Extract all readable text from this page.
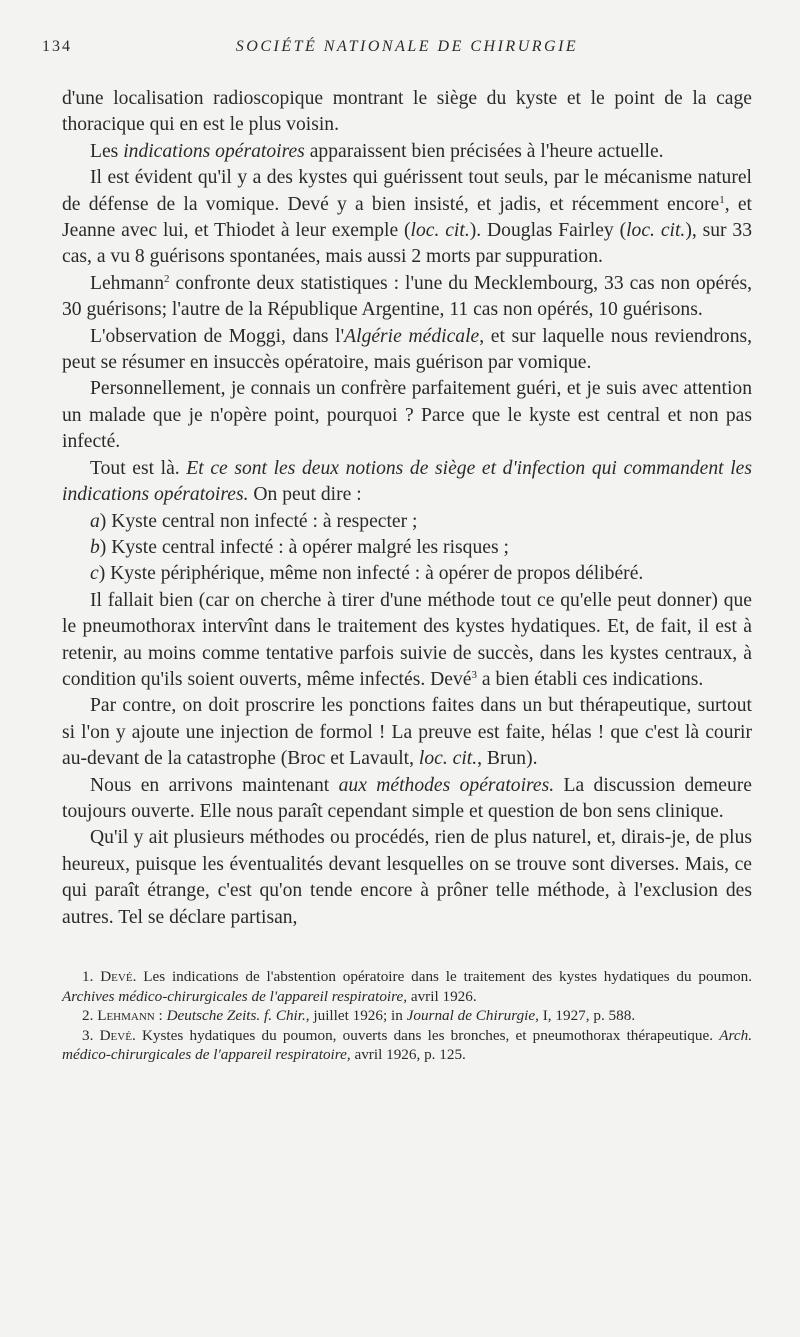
134	SOCIÉTÉ NATIONALE DE CHIRURGIE

d'une localisation radioscopique montrant le siège du kyste et le point de la cage thoracique qui en est le plus voisin.

Les indications opératoires apparaissent bien précisées à l'heure actuelle.

Il est évident qu'il y a des kystes qui guérissent tout seuls, par le mécanisme naturel de défense de la vomique. Devé y a bien insisté, et jadis, et récemment encore$^1$, et Jeanne avec lui, et Thiodet à leur exemple (loc. cit.). Douglas Fairley (loc. cit.), sur 33 cas, a vu 8 guérisons spontanées, mais aussi 2 morts par suppuration.

Lehmann$^2$ confronte deux statistiques : l'une du Mecklembourg, 33 cas non opérés, 30 guérisons; l'autre de la République Argentine, 11 cas non opérés, 10 guérisons.

L'observation de Moggi, dans l'Algérie médicale, et sur laquelle nous reviendrons, peut se résumer en insuccès opératoire, mais guérison par vomique.

Personnellement, je connais un confrère parfaitement guéri, et je suis avec attention un malade que je n'opère point, pourquoi ? Parce que le kyste est central et non pas infecté.

Tout est là. Et ce sont les deux notions de siège et d'infection qui commandent les indications opératoires. On peut dire :

a) Kyste central non infecté : à respecter ;

b) Kyste central infecté : à opérer malgré les risques ;

c) Kyste périphérique, même non infecté : à opérer de propos délibéré.

Il fallait bien (car on cherche à tirer d'une méthode tout ce qu'elle peut donner) que le pneumothorax intervînt dans le traitement des kystes hydatiques. Et, de fait, il est à retenir, au moins comme tentative parfois suivie de succès, dans les kystes centraux, à condition qu'ils soient ouverts, même infectés. Devé$^3$ a bien établi ces indications.

Par contre, on doit proscrire les ponctions faites dans un but thérapeutique, surtout si l'on y ajoute une injection de formol ! La preuve est faite, hélas ! que c'est là courir au-devant de la catastrophe (Broc et Lavault, loc. cit., Brun).

Nous en arrivons maintenant aux méthodes opératoires. La discussion demeure toujours ouverte. Elle nous paraît cependant simple et question de bon sens clinique.

Qu'il y ait plusieurs méthodes ou procédés, rien de plus naturel, et, dirais-je, de plus heureux, puisque les éventualités devant lesquelles on se trouve sont diverses. Mais, ce qui paraît étrange, c'est qu'on tende encore à prôner telle méthode, à l'exclusion des autres. Tel se déclare partisan,

1. Devé. Les indications de l'abstention opératoire dans le traitement des kystes hydatiques du poumon. Archives médico-chirurgicales de l'appareil respiratoire, avril 1926.

2. Lehmann : Deutsche Zeits. f. Chir., juillet 1926; in Journal de Chirurgie, I, 1927, p. 588.

3. Devé. Kystes hydatiques du poumon, ouverts dans les bronches, et pneumothorax thérapeutique. Arch. médico-chirurgicales de l'appareil respiratoire, avril 1926, p. 125.
